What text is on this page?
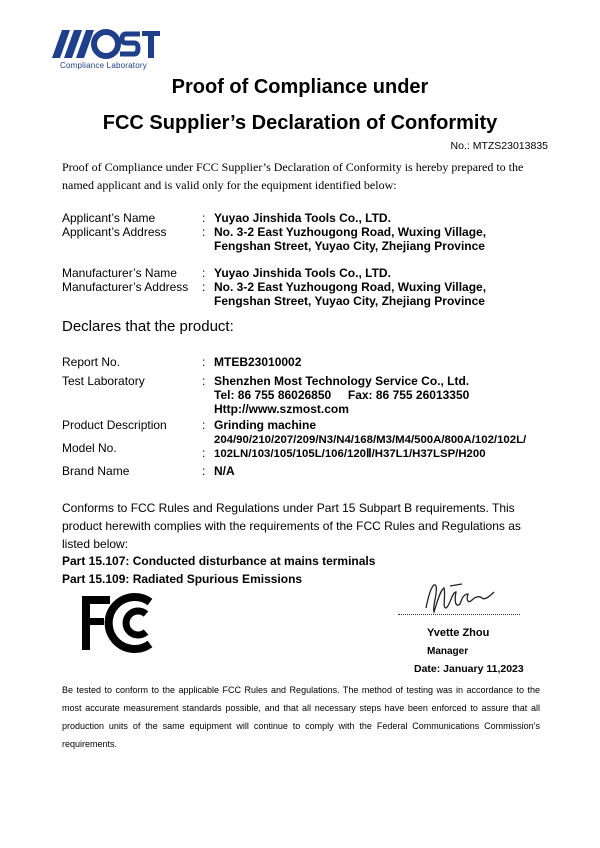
Compliance Laboratory
Proof of Compliance under
FCC Supplier’s Declaration of Conformity
No.: MTZS23013835
Proof of Compliance under FCC Supplier’s Declaration of Conformity is hereby prepared to the named applicant and is valid only for the equipment identified below:
Applicant’s Name	: Yuyao Jinshida Tools Co., LTD.
Applicant’s Address	: No. 3-2 East Yuzhougong Road, Wuxing Village,
Fengshan Street, Yuyao City, Zhejiang Province
Manufacturer’s Name : Yuyao Jinshida Tools Co., LTD.
Manufacturer’s Address : No. 3-2 East Yuzhougong Road, Wuxing Village,
Fengshan Street, Yuyao City, Zhejiang Province
Declares that the product:
Report No.	: MTEB23010002
Test Laboratory	: Shenzhen Most Technology Service Co., Ltd.
Tel: 86 755 86026850     Fax: 86 755 26013350
Http://www.szmost.com
Product Description	: Grinding machine
Model No.	:
204/90/210/207/209/N3/N4/168/M3/M4/500A/800A/102/102L/
102LN/103/105/105L/106/120Ⅱ/H37L1/H37LSP/H200
Brand Name	: N/A
Conforms to FCC Rules and Regulations under Part 15 Subpart B requirements. This product herewith complies with the requirements of the FCC Rules and Regulations as listed below:
Part 15.107: Conducted disturbance at mains terminals
Part 15.109: Radiated Spurious Emissions
Yvette Zhou
Manager
Date: January 11,2023
Be tested to conform to the applicable FCC Rules and Regulations. The method of testing was in accordance to the most accurate measurement standards possible, and that all necessary steps have been enforced to assure that all production units of the same equipment will continue to comply with the Federal Communications Commission’s requirements.
